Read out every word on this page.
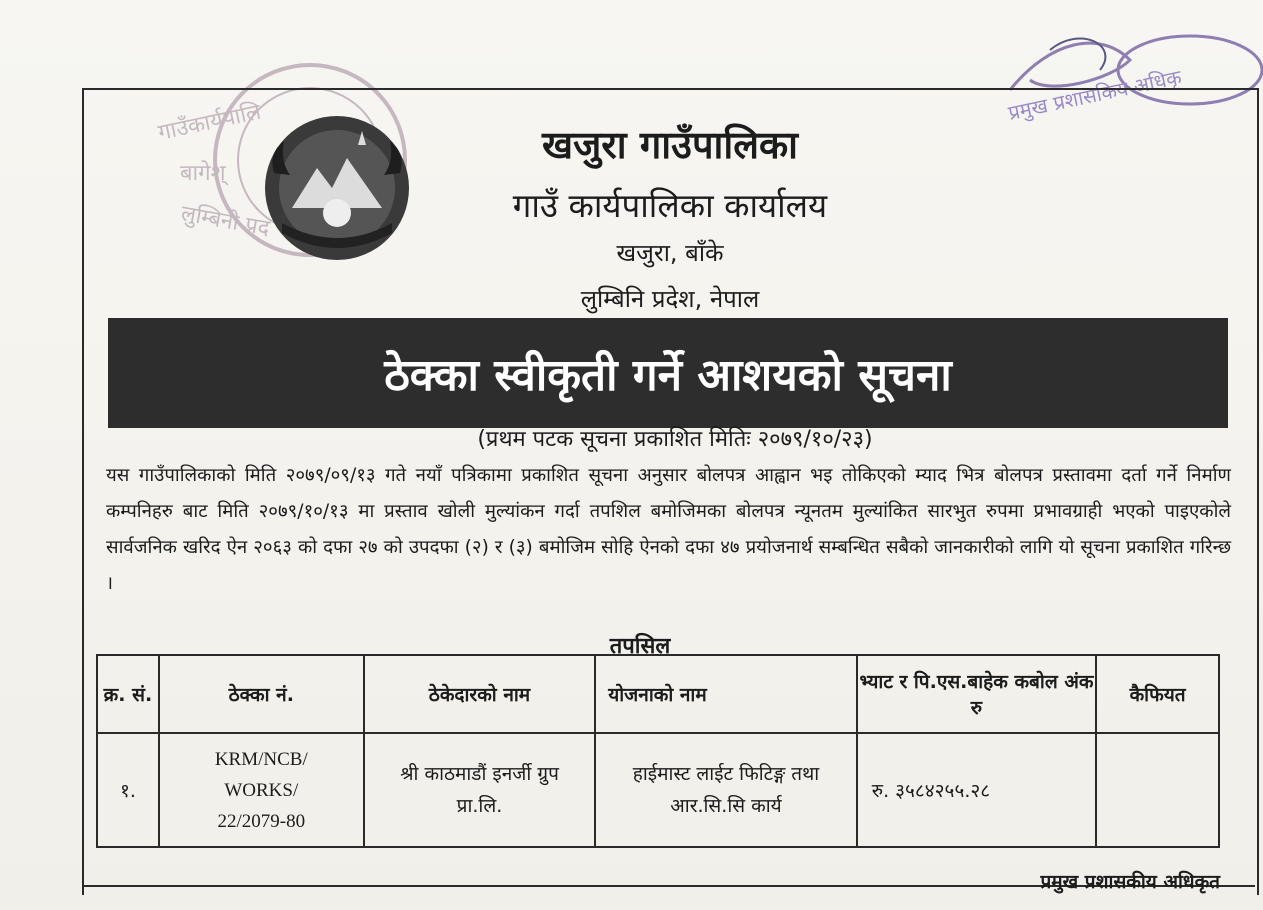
गाउँकार्यपालि
बागेश्
लुम्बिनी प्रद
प्रमुख प्रशासकिय अधिकृ
खजुरा गाउँपालिका
गाउँ कार्यपालिका कार्यालय
खजुरा, बाँके
लुम्बिनि प्रदेश, नेपाल
ठेक्का स्वीकृती गर्ने आशयको सूचना
(प्रथम पटक सूचना प्रकाशित मितिः २०७९/१०/२३)
यस गाउँपालिकाको मिति २०७९/०९/१३ गते नयाँ पत्रिकामा प्रकाशित सूचना अनुसार बोलपत्र आह्वान भइ तोकिएको म्याद भित्र बोलपत्र प्रस्तावमा दर्ता गर्ने निर्माण कम्पनिहरु बाट मिति २०७९/१०/१३ मा प्रस्ताव खोली मुल्यांकन गर्दा तपशिल बमोजिमका बोलपत्र न्यूनतम मुल्यांकित सारभुत रुपमा प्रभावग्राही भएको पाइएकोले सार्वजनिक खरिद ऐन २०६३ को दफा २७ को उपदफा (२) र (३) बमोजिम सोहि ऐनको दफा ४७ प्रयोजनार्थ सम्बन्धित सबैको जानकारीको लागि यो सूचना प्रकाशित गरिन्छ ।
तपसिल
क्र. सं.	ठेक्का नं.	ठेकेदारको नाम	योजनाको नाम	भ्याट र पि.एस.बाहेक कबोल अंक रु	कैफियत
१.	KRM/NCB/ WORKS/ 22/2079-80	श्री काठमाडौं इनर्जी ग्रुप प्रा.लि.	हाईमास्ट लाईट फिटिङ्ग तथा आर.सि.सि कार्य	रु. ३५८४२५५.२८	
प्रमुख प्रशासकीय अधिकृत
